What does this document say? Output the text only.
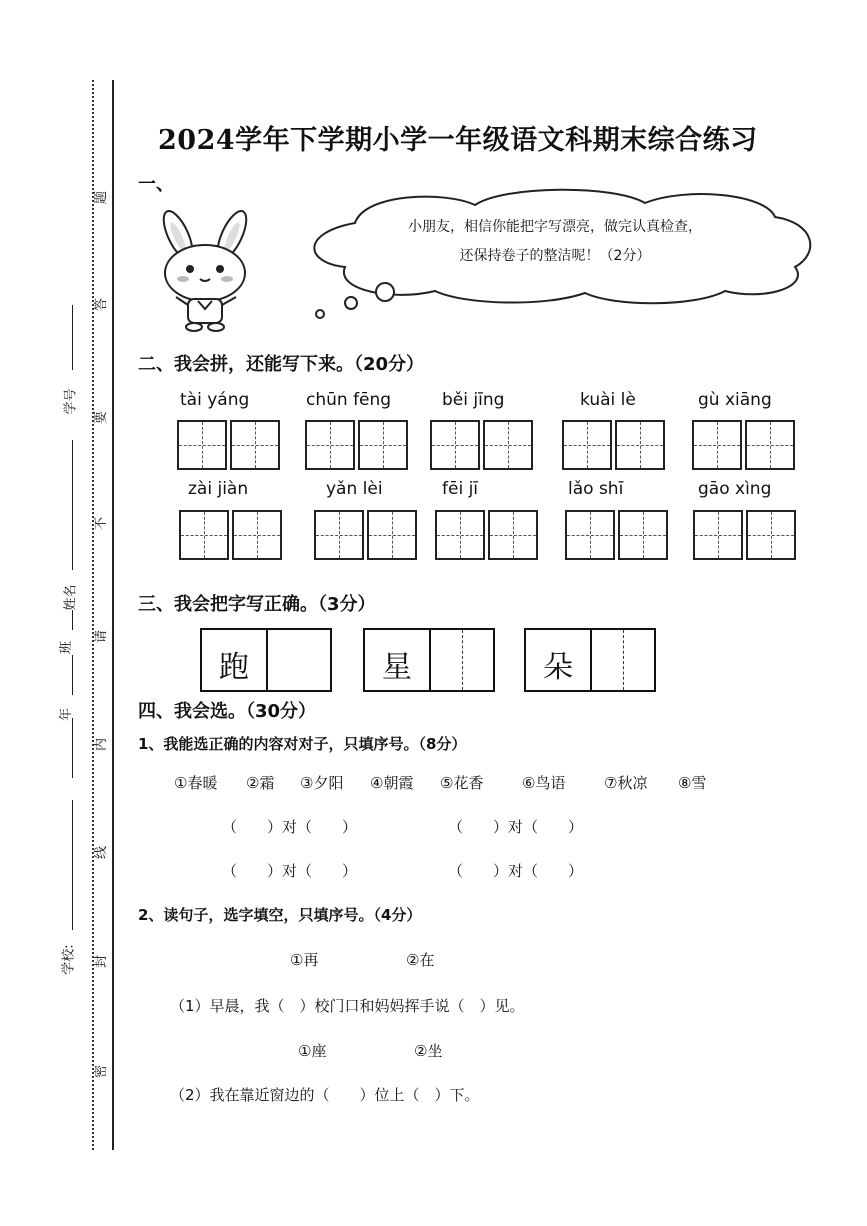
题
答
要
不
请
内
线
封
密
学号
姓名
班
年
学校:
2024学年下学期小学一年级语文科期末综合练习
一、
小朋友，相信你能把字写漂亮，做完认真检查，
还保持卷子的整洁呢！（2分）
二、我会拼，还能写下来。（20分）
tài yáng	chūn fēng	běi jīng	kuài lè	gù xiāng
zài jiàn	yǎn lèi	fēi jī	lǎo shī	gāo xìng
三、我会把字写正确。（3分）
跑	星	朵
四、我会选。（30分）
1、我能选正确的内容对对子，只填序号。（8分）
①春暖 ②霜 ③夕阳 ④朝霞 ⑤花香	⑥鸟语	⑦秋凉 ⑧雪
（　　）对（　　）	（　　）对（　　）
（　　）对（　　）	（　　）对（　　）
2、读句子，选字填空，只填序号。（4分）
①再	②在
（1）早晨，我（　）校门口和妈妈挥手说（　）见。
①座	②坐
（2）我在靠近窗边的（　　）位上（　）下。
